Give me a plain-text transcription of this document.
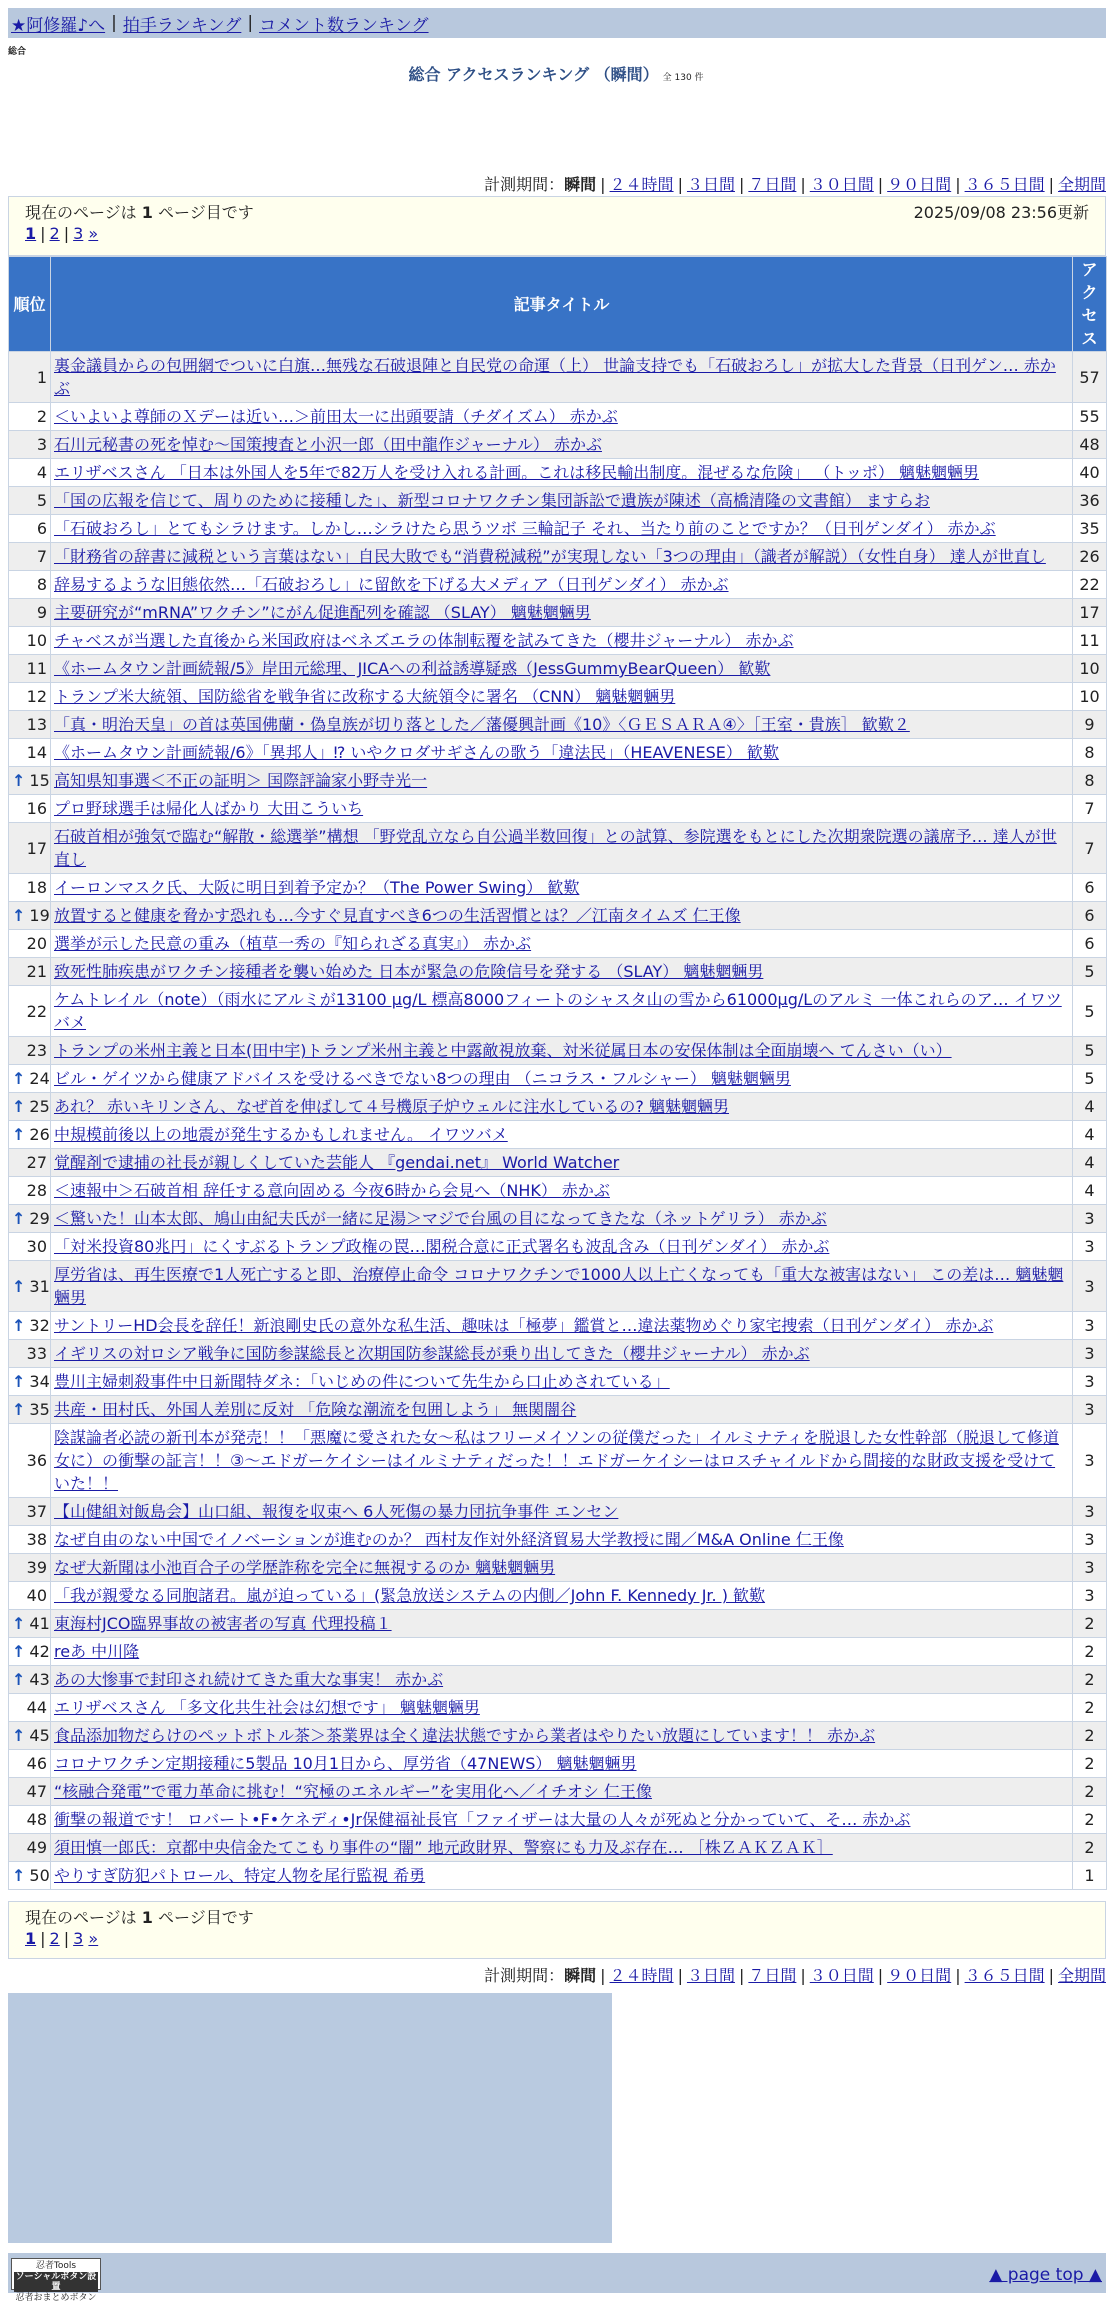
★阿修羅♪へ | 拍手ランキング | コメント数ランキング
総合
総合 アクセスランキング （瞬間） 全 130 件
計測期間：瞬間 | ２４時間 | ３日間 | ７日間 | ３０日間 | ９０日間 | ３６５日間 | 全期間
現在のページは 1 ページ目です	2025/09/08 23:56更新
1 | 2 | 3 »
順位	記事タイトル	アクセス
1	裏金議員からの包囲網でついに白旗…無残な石破退陣と自民党の命運（上） 世論支持でも「石破おろし」が拡大した背景（日刊ゲン… 赤かぶ	57
2	＜いよいよ尊師のＸデーは近い…＞前田太一に出頭要請（チダイズム） 赤かぶ	55
3	石川元秘書の死を悼む〜国策捜査と小沢一郎（田中龍作ジャーナル） 赤かぶ	48
4	エリザベスさん 「日本は外国人を5年で82万人を受け入れる計画。これは移民輸出制度。混ぜるな危険」 （トッポ） 魑魅魍魎男	40
5	「国の広報を信じて、周りのために接種した」、新型コロナワクチン集団訴訟で遺族が陳述（高橋清隆の文書館） ますらお	36
6	「石破おろし」とてもシラけます。しかし…シラけたら思うツボ 三輪記子 それ、当たり前のことですか？（日刊ゲンダイ） 赤かぶ	35
7	「財務省の辞書に減税という言葉はない」自民大敗でも“消費税減税”が実現しない「3つの理由」（識者が解説）（女性自身） 達人が世直し	26
8	辞易するような旧態依然…「石破おろし」に留飲を下げる大メディア（日刊ゲンダイ） 赤かぶ	22
9	主要研究が“mRNA”ワクチン”にがん促進配列を確認 （SLAY） 魑魅魍魎男	17
10	チャベスが当選した直後から米国政府はベネズエラの体制転覆を試みてきた（櫻井ジャーナル） 赤かぶ	11
11	《ホームタウン計画続報/5》岸田元総理、JICAへの利益誘導疑惑（JessGummyBearQueen） 歓歎	10
12	トランプ米大統領、国防総省を戦争省に改称する大統領令に署名 （CNN） 魑魅魍魎男	10
13	「真・明治天皇」の首は英国佛蘭・偽皇族が切り落とした／藩優興計画《10》〈ＧＥＳＡＲＡ④〉［王室・貴族］ 歓歎２	9
14	《ホームタウン計画続報/6》「異邦人」⁉ いやクロダサギさんの歌う「違法民」（HEAVENESE） 歓歎	8
↑ 15	高知県知事選＜不正の証明＞ 国際評論家小野寺光一	8
16	プロ野球選手は帰化人ばかり 大田こういち	7
17	石破首相が強気で臨む“解散・総選挙”構想 「野党乱立なら自公過半数回復」との試算、参院選をもとにした次期衆院選の議席予… 達人が世直し	7
18	イーロンマスク氏、大阪に明日到着予定か？（The Power Swing） 歓歎	6
↑ 19	放置すると健康を脅かす恐れも…今すぐ見直すべき6つの生活習慣とは？／江南タイムズ 仁王像	6
20	選挙が示した民意の重み（植草一秀の『知られざる真実』） 赤かぶ	6
21	致死性肺疾患がワクチン接種者を襲い始めた 日本が緊急の危険信号を発する （SLAY） 魑魅魍魎男	5
22	ケムトレイル（note）（雨水にアルミが13100 μg/L 標高8000フィートのシャスタ山の雪から61000μg/Lのアルミ 一体これらのア… イワツバメ	5
23	トランプの米州主義と日本(田中宇)トランプ米州主義と中露敵視放棄、対米従属日本の安保体制は全面崩壊へ てんさい（い）	5
↑ 24	ビル・ゲイツから健康アドバイスを受けるべきでない8つの理由 （ニコラス・フルシャー） 魑魅魍魎男	5
↑ 25	あれ？ 赤いキリンさん、なぜ首を伸ばして４号機原子炉ウェルに注水しているの? 魑魅魍魎男	4
↑ 26	中規模前後以上の地震が発生するかもしれません。 イワツバメ	4
27	覚醒剤で逮捕の社長が親しくしていた芸能人 『gendai.net』 World Watcher	4
28	＜速報中＞石破首相 辞任する意向固める 今夜6時から会見へ（NHK） 赤かぶ	4
↑ 29	＜驚いた！山本太郎、鳩山由紀夫氏が一緒に足湯＞マジで台風の目になってきたな（ネットゲリラ） 赤かぶ	3
30	「対米投資80兆円」にくすぶるトランプ政権の罠…閣税合意に正式署名も波乱含み（日刊ゲンダイ） 赤かぶ	3
↑ 31	厚労省は、再生医療で1人死亡すると即、治療停止命令 コロナワクチンで1000人以上亡くなっても「重大な被害はない」 この差は… 魑魅魍魎男	3
↑ 32	サントリーHD会長を辞任！新浪剛史氏の意外な私生活、趣味は「極夢」鑑賞と…違法薬物めぐり家宅捜索（日刊ゲンダイ） 赤かぶ	3
33	イギリスの対ロシア戦争に国防参謀総長と次期国防参謀総長が乗り出してきた（櫻井ジャーナル） 赤かぶ	3
↑ 34	豊川主婦刺殺事件中日新聞特ダネ：「いじめの件について先生から口止めされている」	3
↑ 35	共産・田村氏、外国人差別に反対 「危険な潮流を包囲しよう」 無関闇谷	3
36	陰謀論者必読の新刊本が発売！！「悪魔に愛された女〜私はフリーメイソンの従僕だった」イルミナティを脱退した女性幹部（脱退して修道女に）の衝撃の証言！！③〜エドガーケイシーはイルミナティだった！！エドガーケイシーはロスチャイルドから間接的な財政支援を受けていた！！	3
37	【山健組対飯島会】山口組、報復を収束へ 6人死傷の暴力団抗争事件 エンセン	3
38	なぜ自由のない中国でイノベーションが進むのか？ 西村友作対外経済貿易大学教授に聞／M&A Online 仁王像	3
39	なぜ大新聞は小池百合子の学歴詐称を完全に無視するのか 魑魅魍魎男	3
40	「我が親愛なる同胞諸君。嵐が迫っている」(緊急放送システムの内側／John F. Kennedy Jr. ) 歓歎	3
↑ 41	東海村JCO臨界事故の被害者の写真 代理投稿１	2
↑ 42	reあ 中川隆	2
↑ 43	あの大惨事で封印され続けてきた重大な事実！ 赤かぶ	2
44	エリザベスさん 「多文化共生社会は幻想です」 魑魅魍魎男	2
↑ 45	食品添加物だらけのペットボトル茶＞茶業界は全く違法状態ですから業者はやりたい放題にしています！！ 赤かぶ	2
46	コロナワクチン定期接種に5製品 10月1日から、厚労省（47NEWS） 魑魅魍魎男	2
47	“核融合発電”で電力革命に挑む！“究極のエネルギー”を実用化へ／イチオシ 仁王像	2
48	衝撃の報道です！ ロバート•F•ケネディ•Jr保健福祉長官「ファイザーは大量の人々が死ぬと分かっていて、そ… 赤かぶ	2
49	須田慎一郎氏：京都中央信金たてこもり事件の“闇” 地元政財界、警察にも力及ぶ存在… ［株ＺＡＫＺＡＫ］	2
↑ 50	やりすぎ防犯パトロール、特定人物を尾行監視 希勇	1
現在のページは 1 ページ目です
1 | 2 | 3 »
計測期間：瞬間 | ２４時間 | ３日間 | ７日間 | ３０日間 | ９０日間 | ３６５日間 | 全期間
忍者Tools
ソーシャルボタン設置
忍者おまとめボタン
▲ page top ▲
